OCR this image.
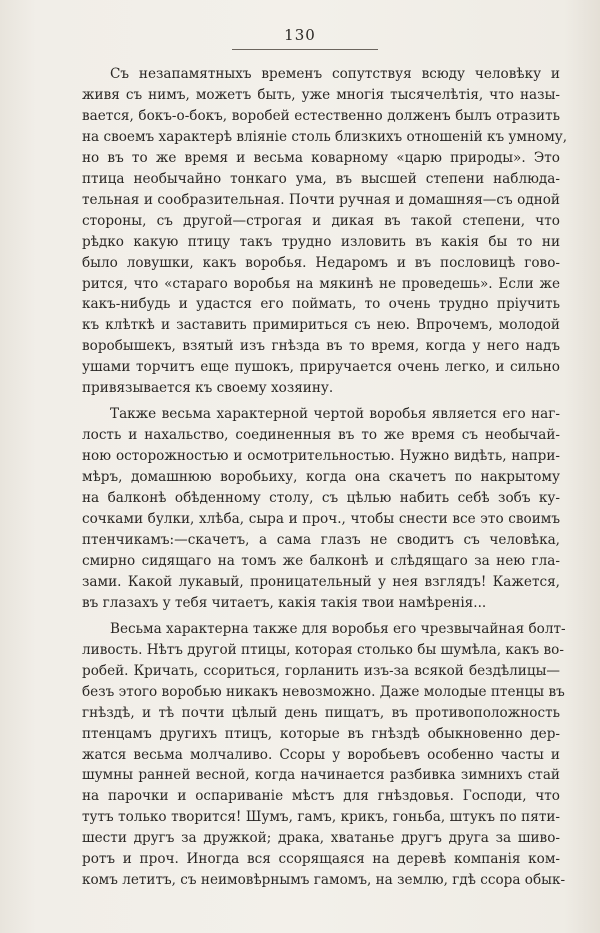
130
Съ незапамятныхъ временъ сопутствуя всюду человѣку и
живя съ нимъ, можетъ быть, уже многія тысячелѣтія, что назы-
вается, бокъ-о-бокъ, воробей естественно долженъ былъ отразить
на своемъ характерѣ вліяніе столь близкихъ отношеній къ умному,
но въ то же время и весьма коварному «царю природы». Это
птица необычайно тонкаго ума, въ высшей степени наблюда-
тельная и сообразительная. Почти ручная и домашняя—съ одной
стороны, съ другой—строгая и дикая въ такой степени, что
рѣдко какую птицу такъ трудно изловить въ какія бы то ни
было ловушки, какъ воробья. Недаромъ и въ пословицѣ гово-
рится, что «стараго воробья на мякинѣ не проведешь». Если же
какъ-нибудь и удастся его поймать, то очень трудно пріучить
къ клѣткѣ и заставить примириться съ нею. Впрочемъ, молодой
воробышекъ, взятый изъ гнѣзда въ то время, когда у него надъ
ушами торчитъ еще пушокъ, приручается очень легко, и сильно
привязывается къ своему хозяину.
Также весьма характерной чертой воробья является его наг-
лость и нахальство, соединенныя въ то же время съ необычай-
ною осторожностью и осмотрительностью. Нужно видѣть, напри-
мѣръ, домашнюю воробьиху, когда она скачетъ по накрытому
на балконѣ обѣденному столу, съ цѣлью набить себѣ зобъ ку-
сочками булки, хлѣба, сыра и проч., чтобы снести все это своимъ
птенчикамъ:—скачетъ, а сама глазъ не сводитъ съ человѣка,
смирно сидящаго на томъ же балконѣ и слѣдящаго за нею гла-
зами. Какой лукавый, проницательный у нея взглядъ! Кажется,
въ глазахъ у тебя читаетъ, какія такія твои намѣренія...
Весьма характерна также для воробья его чрезвычайная болт-
ливость. Нѣтъ другой птицы, которая столько бы шумѣла, какъ во-
робей. Кричать, ссориться, горланить изъ-за всякой бездѣлицы—
безъ этого воробью никакъ невозможно. Даже молодые птенцы въ
гнѣздѣ, и тѣ почти цѣлый день пищатъ, въ противоположность
птенцамъ другихъ птицъ, которые въ гнѣздѣ обыкновенно дер-
жатся весьма молчаливо. Ссоры у воробьевъ особенно часты и
шумны ранней весной, когда начинается разбивка зимнихъ стай
на парочки и оспариваніе мѣстъ для гнѣздовья. Господи, что
тутъ только творится! Шумъ, гамъ, крикъ, гоньба, штукъ по пяти-
шести другъ за дружкой; драка, хватанье другъ друга за шиво-
ротъ и проч. Иногда вся ссорящаяся на деревѣ компанія ком-
комъ летитъ, съ неимовѣрнымъ гамомъ, на землю, гдѣ ссора обык-
